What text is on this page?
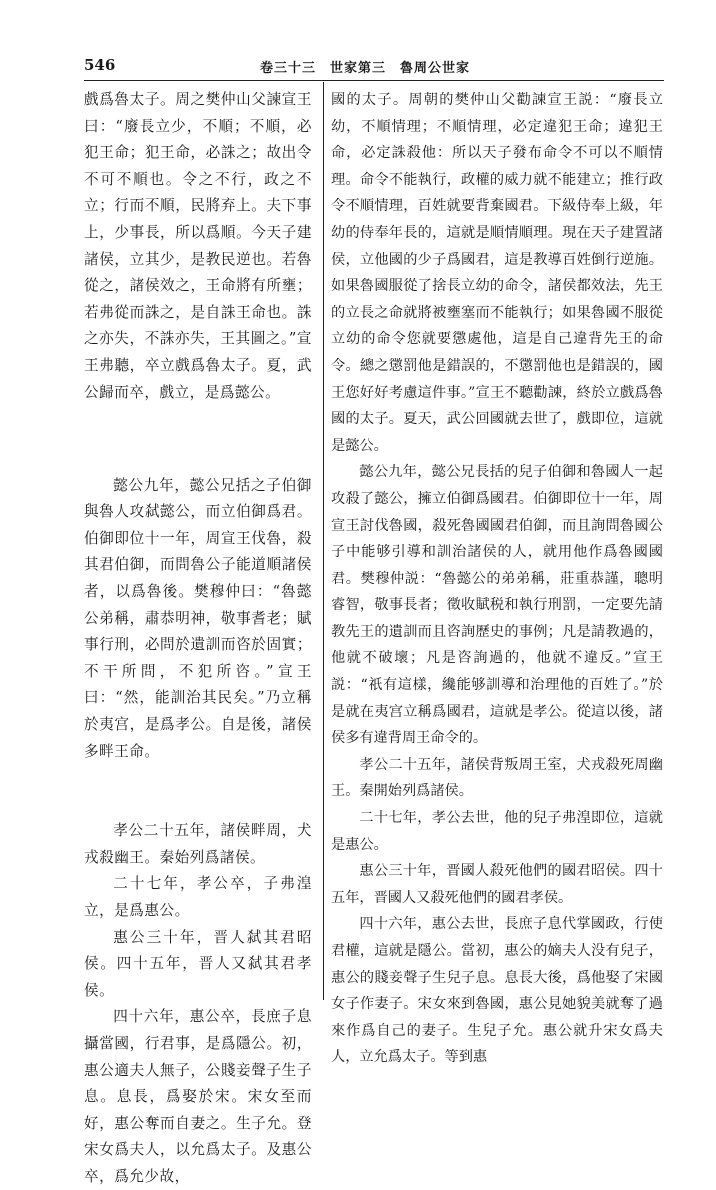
546	卷三十三　世家第三　魯周公世家

戲爲魯太子。周之樊仲山父諫宣王曰：“廢長立少，不順；不順，必犯王命；犯王命，必誅之；故出令不可不順也。令之不行，政之不立；行而不順，民將弃上。夫下事上，少事長，所以爲順。今天子建諸侯，立其少，是教民逆也。若魯從之，諸侯效之，王命將有所壅；若弗從而誅之，是自誅王命也。誅之亦失，不誅亦失，王其圖之。”宣王弗聽，卒立戲爲魯太子。夏，武公歸而卒，戲立，是爲懿公。

懿公九年，懿公兄括之子伯御與魯人攻弑懿公，而立伯御爲君。伯御即位十一年，周宣王伐魯，殺其君伯御，而問魯公子能道順諸侯者，以爲魯後。樊穆仲曰：“魯懿公弟稱，肅恭明神，敬事耆老；賦事行刑，必問於遺訓而咨於固實；不干所問，不犯所咨。”宣王曰：“然，能訓治其民矣。”乃立稱於夷宫，是爲孝公。自是後，諸侯多畔王命。

孝公二十五年，諸侯畔周，犬戎殺幽王。秦始列爲諸侯。

二十七年，孝公卒，子弗湟立，是爲惠公。

惠公三十年，晋人弑其君昭侯。四十五年，晋人又弑其君孝侯。

四十六年，惠公卒，長庶子息攝當國，行君事，是爲隱公。初，惠公適夫人無子，公賤妾聲子生子息。息長，爲娶於宋。宋女至而好，惠公奪而自妻之。生子允。登宋女爲夫人，以允爲太子。及惠公卒，爲允少故，

國的太子。周朝的樊仲山父勸諫宣王説：“廢長立幼，不順情理；不順情理，必定違犯王命；違犯王命，必定誅殺他：所以天子發布命令不可以不順情理。命令不能執行，政權的威力就不能建立；推行政令不順情理，百姓就要背棄國君。下級侍奉上級，年幼的侍奉年長的，這就是順情順理。現在天子建置諸侯，立他國的少子爲國君，這是教導百姓倒行逆施。如果魯國服從了捨長立幼的命令，諸侯都效法，先王的立長之命就將被壅塞而不能執行；如果魯國不服從立幼的命令您就要懲處他，這是自己違背先王的命令。總之懲罰他是錯誤的，不懲罰他也是錯誤的，國王您好好考慮這件事。”宣王不聽勸諫，終於立戲爲魯國的太子。夏天，武公回國就去世了，戲即位，這就是懿公。

懿公九年，懿公兄長括的兒子伯御和魯國人一起攻殺了懿公，擁立伯御爲國君。伯御即位十一年，周宣王討伐魯國，殺死魯國國君伯御，而且詢問魯國公子中能够引導和訓治諸侯的人，就用他作爲魯國國君。樊穆仲説：“魯懿公的弟弟稱，莊重恭謹，聰明睿智，敬事長者；徵收賦税和執行刑罰，一定要先請教先王的遺訓而且咨詢歷史的事例；凡是請教過的，他就不破壞；凡是咨詢過的，他就不違反。”宣王説：“祇有這樣，纔能够訓導和治理他的百姓了。”於是就在夷宫立稱爲國君，這就是孝公。從這以後，諸侯多有違背周王命令的。

孝公二十五年，諸侯背叛周王室，犬戎殺死周幽王。秦開始列爲諸侯。

二十七年，孝公去世，他的兒子弗湟即位，這就是惠公。

惠公三十年，晋國人殺死他們的國君昭侯。四十五年，晋國人又殺死他們的國君孝侯。

四十六年，惠公去世，長庶子息代掌國政，行使君權，這就是隱公。當初，惠公的嫡夫人没有兒子，惠公的賤妾聲子生兒子息。息長大後，爲他娶了宋國女子作妻子。宋女來到魯國，惠公見她貌美就奪了過來作爲自己的妻子。生兒子允。惠公就升宋女爲夫人，立允爲太子。等到惠
